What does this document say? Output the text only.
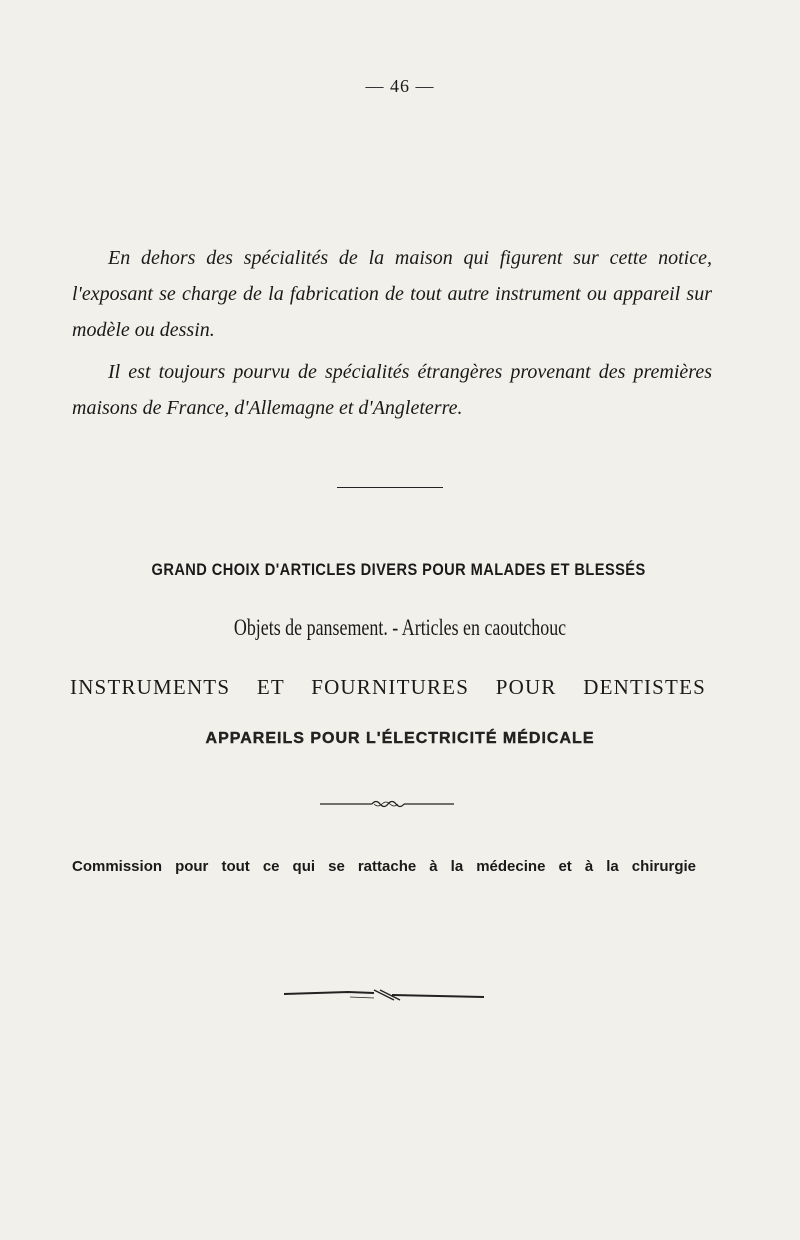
— 46 —

En dehors des spécialités de la maison qui figurent sur cette notice, l'exposant se charge de la fabrication de tout autre instrument ou appareil sur modèle ou dessin.

Il est toujours pourvu de spécialités étrangères provenant des premières maisons de France, d'Allemagne et d'Angleterre.

GRAND CHOIX D'ARTICLES DIVERS POUR MALADES ET BLESSÉS
Objets de pansement. - Articles en caoutchouc
INSTRUMENTS ET FOURNITURES POUR DENTISTES
APPAREILS POUR L'ÉLECTRICITÉ MÉDICALE
Commission pour tout ce qui se rattache à la médecine et à la chirurgie
